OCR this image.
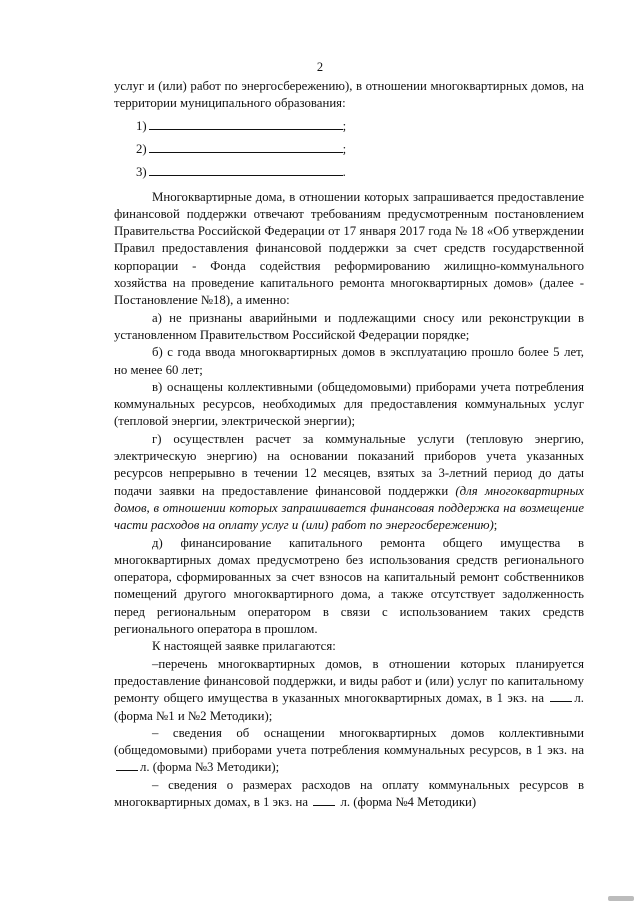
2

услуг и (или) работ по энергосбережению), в отношении многоквартирных домов, на территории муниципального образования:

1)	;

2)	;

3)	.

Многоквартирные дома, в отношении которых запрашивается предоставление финансовой поддержки отвечают требованиям предусмотренным постановлением Правительства Российской Федерации от 17 января 2017 года № 18 «Об утверждении Правил предоставления финансовой поддержки за счет средств государственной корпорации - Фонда содействия реформированию жилищно-коммунального хозяйства на проведение капитального ремонта многоквартирных домов» (далее - Постановление №18), а именно:

а) не признаны аварийными и подлежащими сносу или реконструкции в установленном Правительством Российской Федерации порядке;

б) с года ввода многоквартирных домов в эксплуатацию прошло более 5 лет, но менее 60 лет;

в) оснащены коллективными (общедомовыми) приборами учета потребления коммунальных ресурсов, необходимых для предоставления коммунальных услуг (тепловой энергии, электрической энергии);

г) осуществлен расчет за коммунальные услуги (тепловую энергию, электрическую энергию) на основании показаний приборов учета указанных ресурсов непрерывно в течении 12 месяцев, взятых за 3-летний период до даты подачи заявки на предоставление финансовой поддержки (для многоквартирных домов, в отношении которых запрашивается финансовая поддержка на возмещение части расходов на оплату услуг и (или) работ по энергосбережению);

д) финансирование капитального ремонта общего имущества в многоквартирных домах предусмотрено без использования средств регионального оператора, сформированных за счет взносов на капитальный ремонт собственников помещений другого многоквартирного дома, а также отсутствует задолженность перед региональным оператором в связи с использованием таких средств регионального оператора в прошлом.

К настоящей заявке прилагаются:

–перечень многоквартирных домов, в отношении которых планируется предоставление финансовой поддержки, и виды работ и (или) услуг по капитальному ремонту общего имущества в указанных многоквартирных домах, в 1 экз. на л. (форма №1 и №2 Методики);

– сведения об оснащении многоквартирных домов коллективными (общедомовыми) приборами учета потребления коммунальных ресурсов, в 1 экз. на л. (форма №3 Методики);

– сведения о размерах расходов на оплату коммунальных ресурсов в многоквартирных домах, в 1 экз. на	л. (форма №4 Методики)
